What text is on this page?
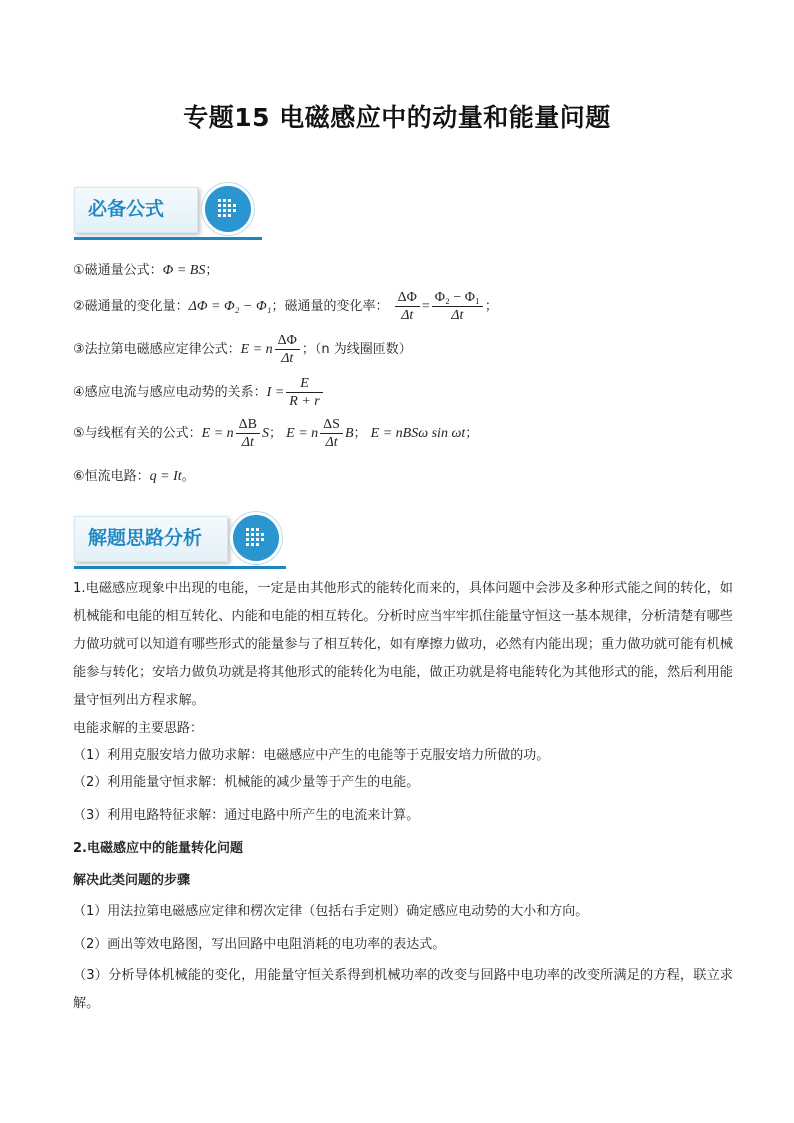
专题15 电磁感应中的动量和能量问题
必备公式
①磁通量公式：Φ = BS；
②磁通量的变化量：ΔΦ = Φ₂ − Φ₁；磁通量的变化率： $\frac{\Delta\Phi}{\Delta t} = \frac{\text{Φ₂ − Φ₁}}{\Delta t}$ ；
③法拉第电磁感应定律公式：E = n $\frac{\Delta\Phi}{\Delta t}$ ；（n 为线圈匝数）
④感应电流与感应电动势的关系：$I = \frac{E}{R + r}$
⑤与线框有关的公式：E = n $\frac{\Delta B}{\Delta t}$ S； E = n $\frac{\Delta S}{\Delta t}$ B； E = nBSω sin ωt；
⑥恒流电路：q = It。
解题思路分析
1.电磁感应现象中出现的电能，一定是由其他形式的能转化而来的，具体问题中会涉及多种形式能之间的转化，如机械能和电能的相互转化、内能和电能的相互转化。分析时应当牢牢抓住能量守恒这一基本规律，分析清楚有哪些力做功就可以知道有哪些形式的能量参与了相互转化，如有摩擦力做功，必然有内能出现；重力做功就可能有机械能参与转化；安培力做负功就是将其他形式的能转化为电能，做正功就是将电能转化为其他形式的能，然后利用能量守恒列出方程求解。
电能求解的主要思路：
（1）利用克服安培力做功求解：电磁感应中产生的电能等于克服安培力所做的功。
（2）利用能量守恒求解：机械能的减少量等于产生的电能。
（3）利用电路特征求解：通过电路中所产生的电流来计算。
2.电磁感应中的能量转化问题
解决此类问题的步骤
（1）用法拉第电磁感应定律和楞次定律（包括右手定则）确定感应电动势的大小和方向。
（2）画出等效电路图，写出回路中电阻消耗的电功率的表达式。
（3）分析导体机械能的变化，用能量守恒关系得到机械功率的改变与回路中电功率的改变所满足的方程，联立求解。
